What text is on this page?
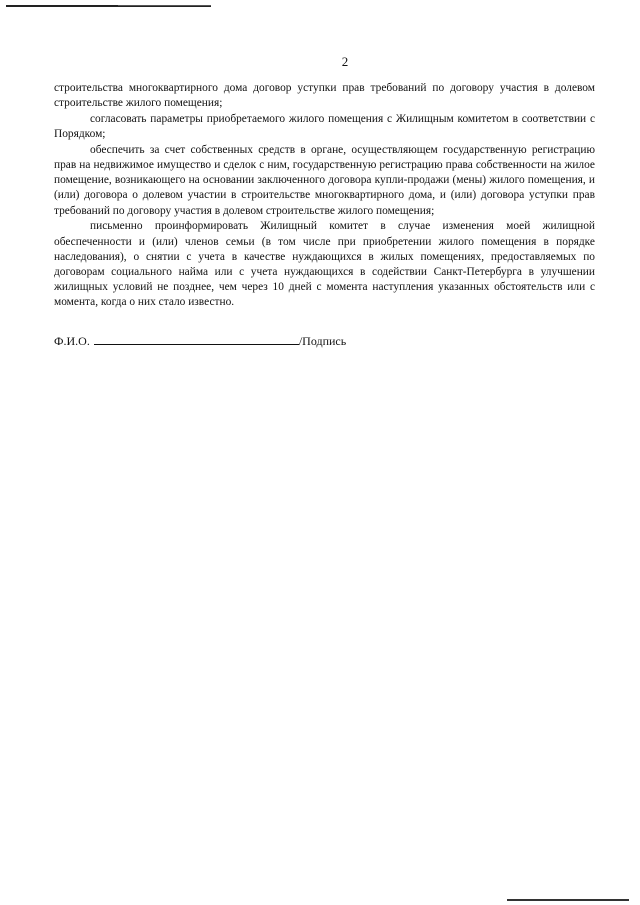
2

строительства многоквартирного дома договор уступки прав требований по договору участия в долевом строительстве жилого помещения;

согласовать параметры приобретаемого жилого помещения с Жилищным комитетом в соответствии с Порядком;

обеспечить за счет собственных средств в органе, осуществляющем государственную регистрацию прав на недвижимое имущество и сделок с ним, государственную регистрацию права собственности на жилое помещение, возникающего на основании заключенного договора купли-продажи (мены) жилого помещения, и (или) договора о долевом участии в строительстве многоквартирного дома, и (или) договора уступки прав требований по договору участия в долевом строительстве жилого помещения;

письменно проинформировать Жилищный комитет в случае изменения моей жилищной обеспеченности и (или) членов семьи (в том числе при приобретении жилого помещения в порядке наследования), о снятии с учета в качестве нуждающихся в жилых помещениях, предоставляемых по договорам социального найма или с учета нуждающихся в содействии Санкт-Петербурга в улучшении жилищных условий не позднее, чем через 10 дней с момента наступления указанных обстоятельств или с момента, когда о них стало известно.

Ф.И.О.	/Подпись
